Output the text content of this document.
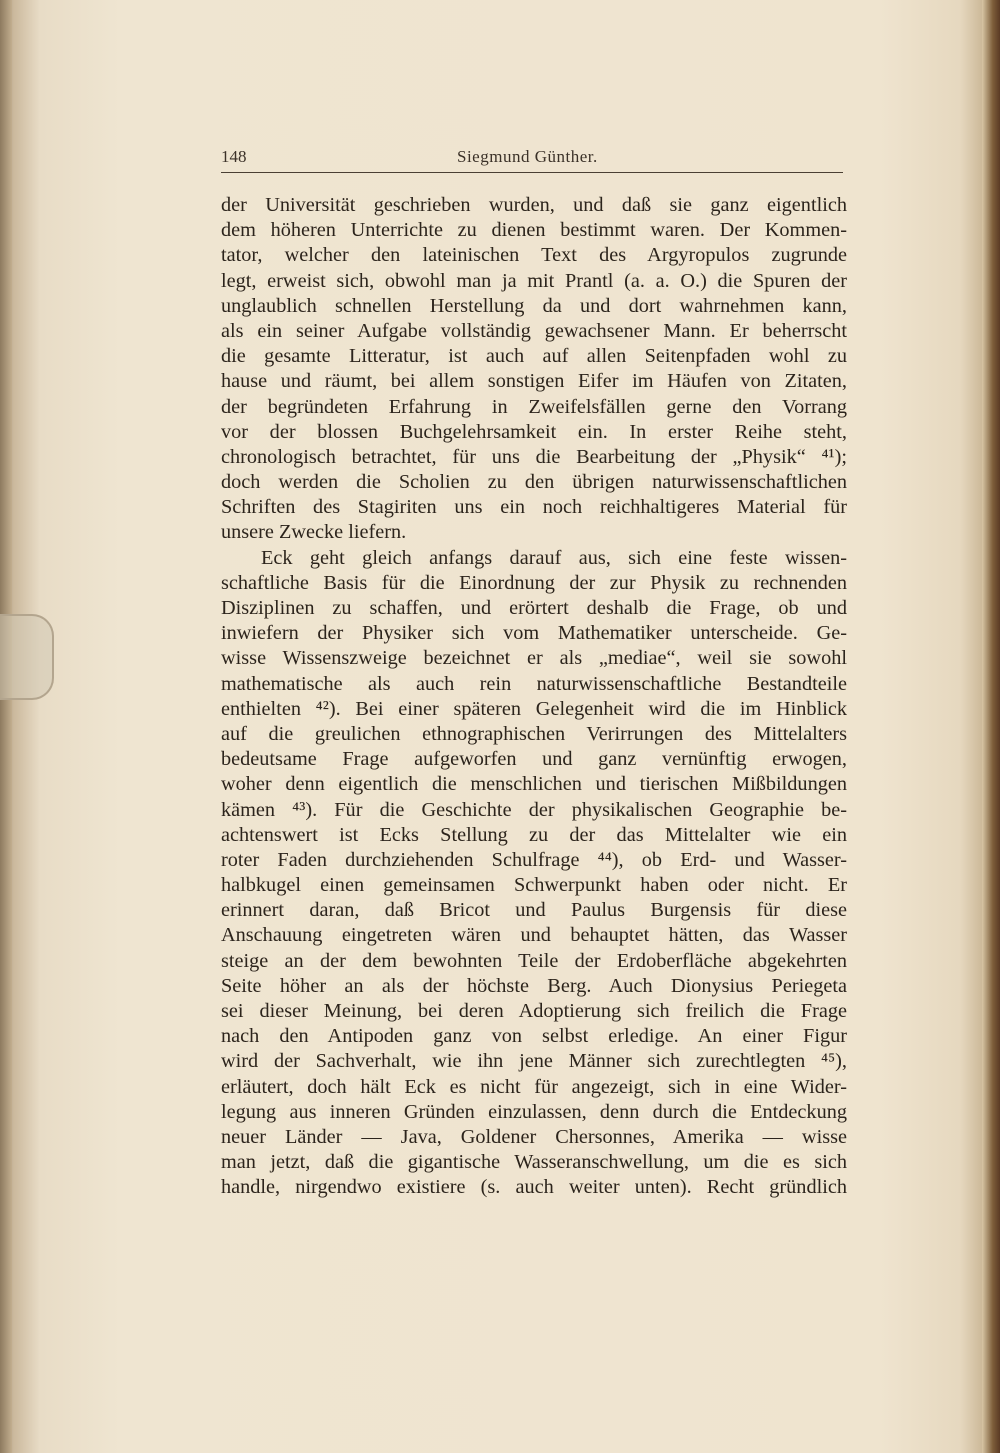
148	Siegmund Günther.
der Universität geschrieben wurden, und daß sie ganz eigentlich
dem höheren Unterrichte zu dienen bestimmt waren. Der Kommen-
tator, welcher den lateinischen Text des Argyropulos zugrunde
legt, erweist sich, obwohl man ja mit Prantl (a. a. O.) die Spuren der
unglaublich schnellen Herstellung da und dort wahrnehmen kann,
als ein seiner Aufgabe vollständig gewachsener Mann. Er beherrscht
die gesamte Litteratur, ist auch auf allen Seitenpfaden wohl zu
hause und räumt, bei allem sonstigen Eifer im Häufen von Zitaten,
der begründeten Erfahrung in Zweifelsfällen gerne den Vorrang
vor der blossen Buchgelehrsamkeit ein. In erster Reihe steht,
chronologisch betrachtet, für uns die Bearbeitung der „Physik“ ⁴¹);
doch werden die Scholien zu den übrigen naturwissenschaftlichen
Schriften des Stagiriten uns ein noch reichhaltigeres Material für
unsere Zwecke liefern.
Eck geht gleich anfangs darauf aus, sich eine feste wissen-
schaftliche Basis für die Einordnung der zur Physik zu rechnenden
Disziplinen zu schaffen, und erörtert deshalb die Frage, ob und
inwiefern der Physiker sich vom Mathematiker unterscheide. Ge-
wisse Wissenszweige bezeichnet er als „mediae“, weil sie sowohl
mathematische als auch rein naturwissenschaftliche Bestandteile
enthielten ⁴²). Bei einer späteren Gelegenheit wird die im Hinblick
auf die greulichen ethnographischen Verirrungen des Mittelalters
bedeutsame Frage aufgeworfen und ganz vernünftig erwogen,
woher denn eigentlich die menschlichen und tierischen Mißbildungen
kämen ⁴³). Für die Geschichte der physikalischen Geographie be-
achtenswert ist Ecks Stellung zu der das Mittelalter wie ein
roter Faden durchziehenden Schulfrage ⁴⁴), ob Erd- und Wasser-
halbkugel einen gemeinsamen Schwerpunkt haben oder nicht. Er
erinnert daran, daß Bricot und Paulus Burgensis für diese
Anschauung eingetreten wären und behauptet hätten, das Wasser
steige an der dem bewohnten Teile der Erdoberfläche abgekehrten
Seite höher an als der höchste Berg. Auch Dionysius Periegeta
sei dieser Meinung, bei deren Adoptierung sich freilich die Frage
nach den Antipoden ganz von selbst erledige. An einer Figur
wird der Sachverhalt, wie ihn jene Männer sich zurechtlegten ⁴⁵),
erläutert, doch hält Eck es nicht für angezeigt, sich in eine Wider-
legung aus inneren Gründen einzulassen, denn durch die Entdeckung
neuer Länder — Java, Goldener Chersonnes, Amerika — wisse
man jetzt, daß die gigantische Wasseranschwellung, um die es sich
handle, nirgendwo existiere (s. auch weiter unten). Recht gründlich
